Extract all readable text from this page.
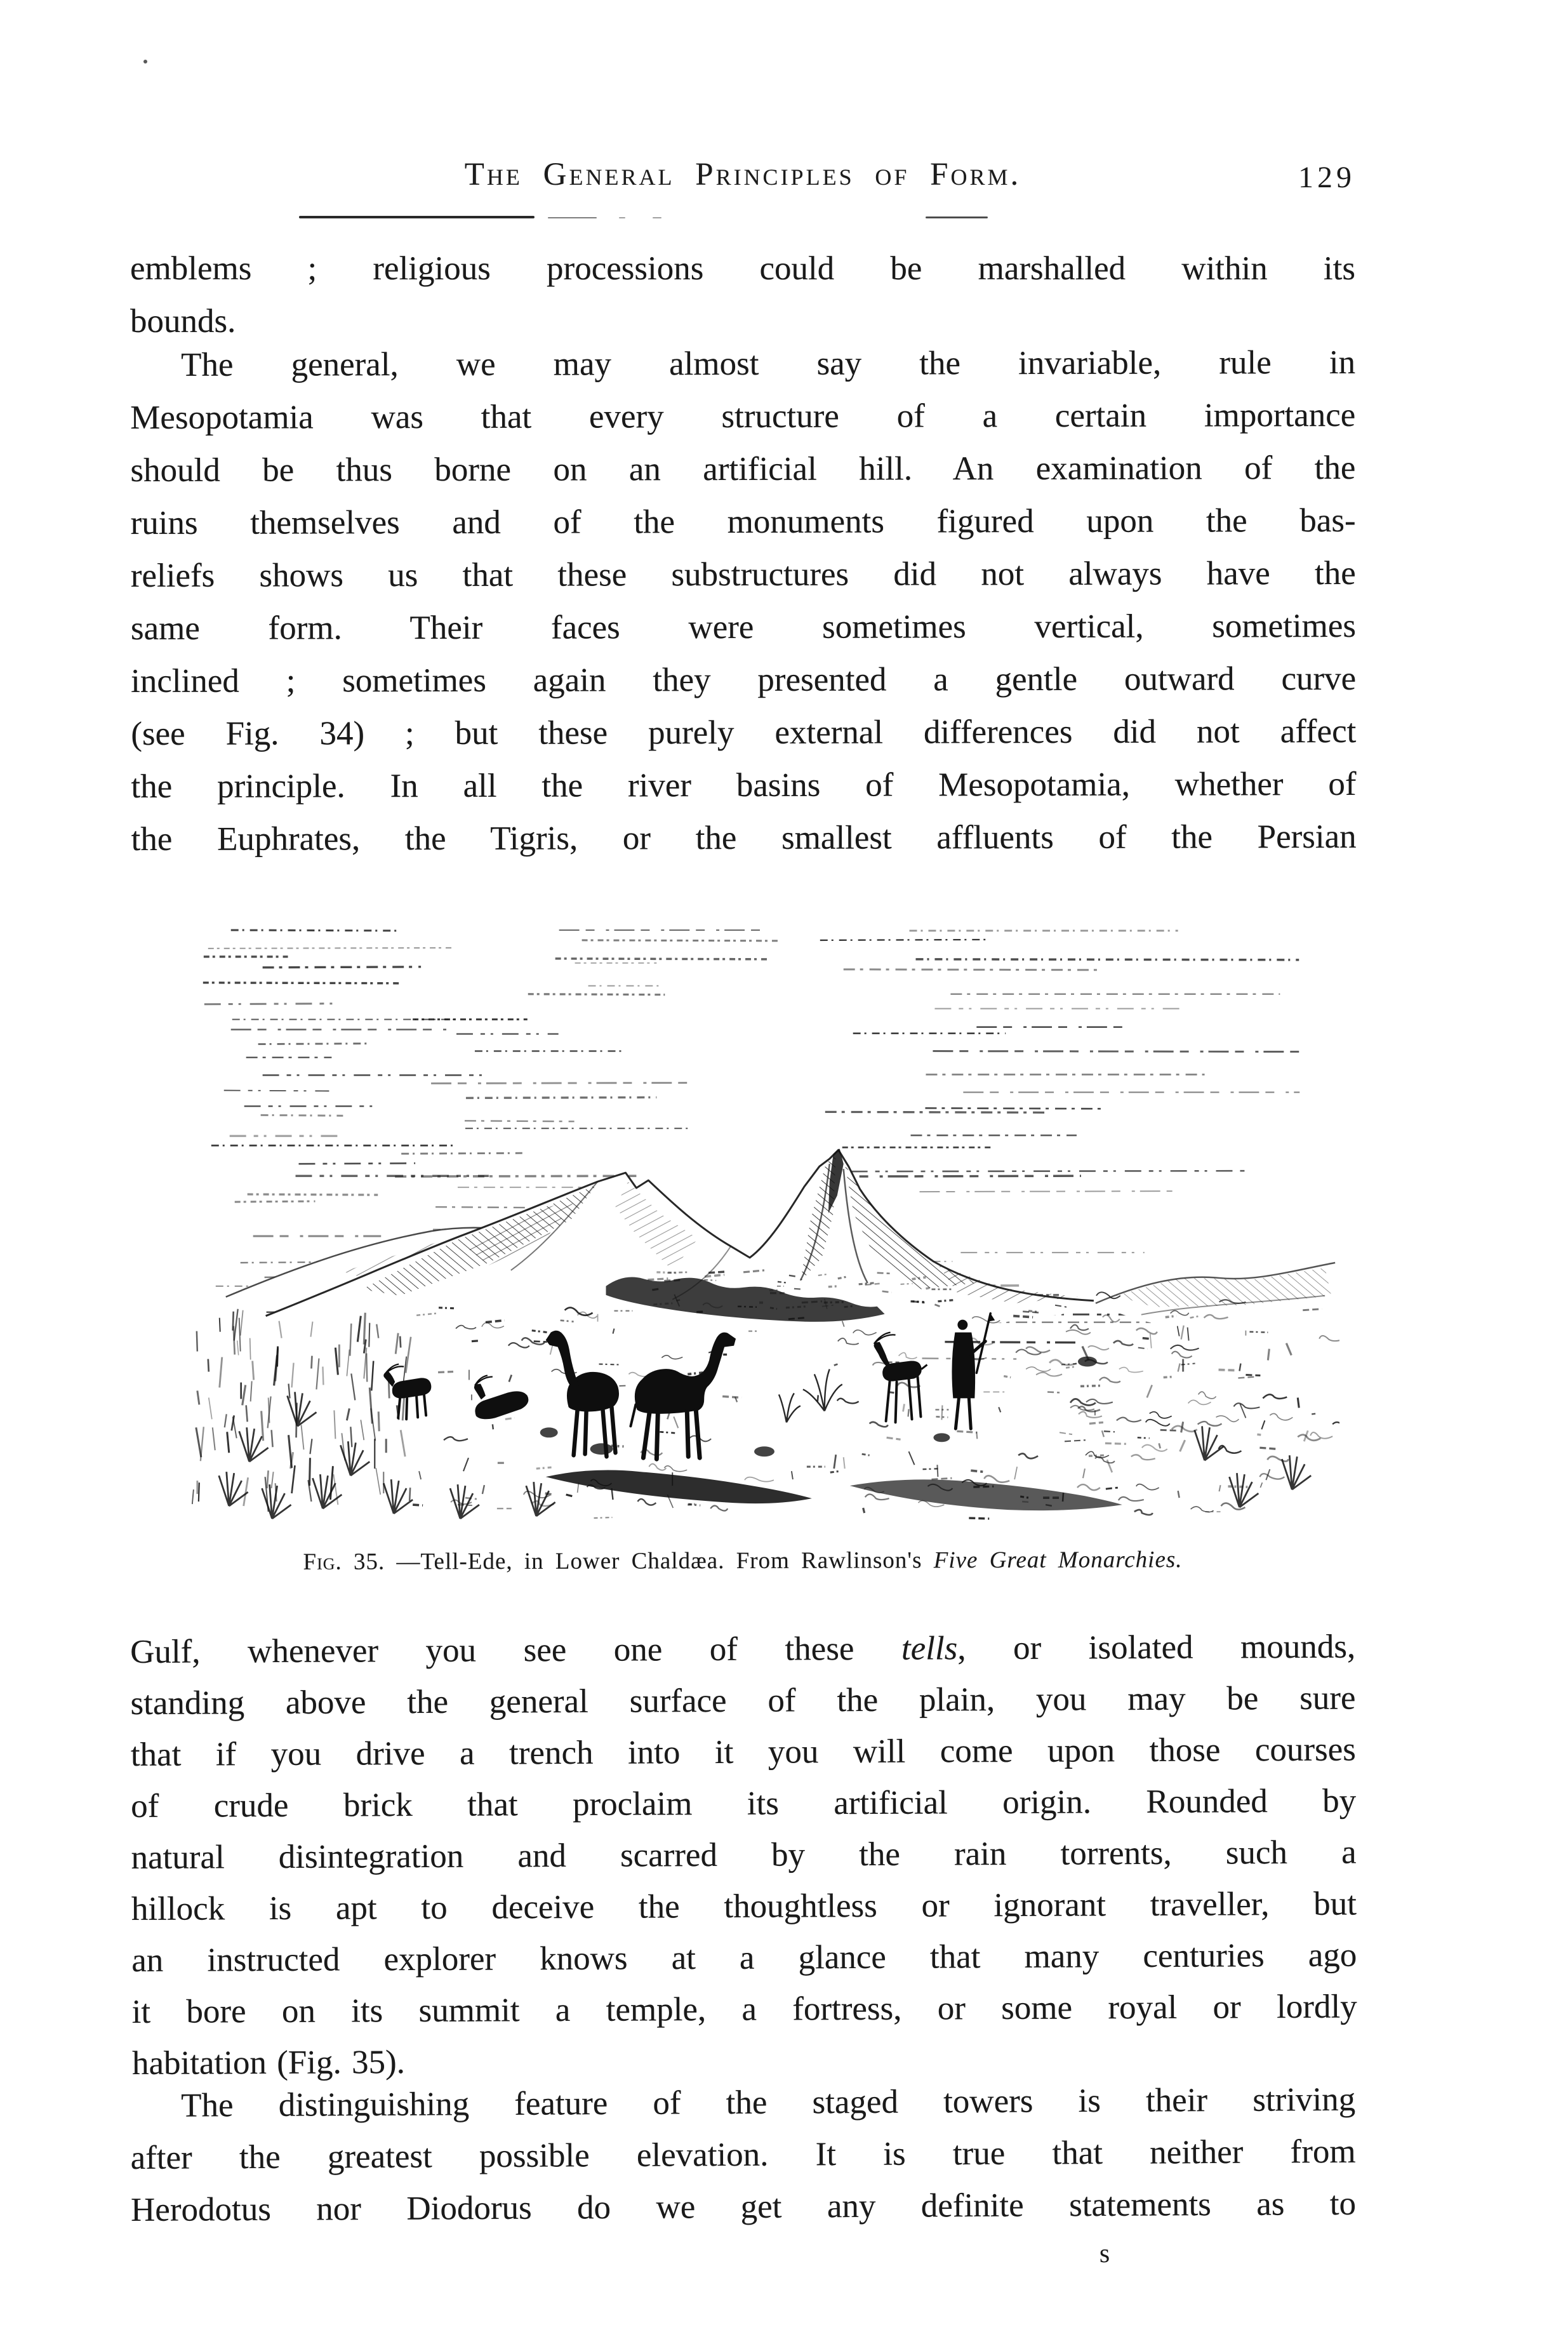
The General Principles of Form.	129
emblems ; religious processions could be marshalled within its
bounds.
The general, we may almost say the invariable, rule in
Mesopotamia was that every structure of a certain importance
should be thus borne on an artificial hill. An examination of the
ruins themselves and of the monuments figured upon the bas-
reliefs shows us that these substructures did not always have the
same form. Their faces were sometimes vertical, sometimes
inclined ; sometimes again they presented a gentle outward curve
(see Fig. 34) ; but these purely external differences did not affect
the principle. In all the river basins of Mesopotamia, whether of
the Euphrates, the Tigris, or the smallest affluents of the Persian
Fig. 35. —Tell-Ede, in Lower Chaldæa. From Rawlinson's Five Great Monarchies.
Gulf, whenever you see one of these tells, or isolated mounds,
standing above the general surface of the plain, you may be sure
that if you drive a trench into it you will come upon those courses
of crude brick that proclaim its artificial origin. Rounded by
natural disintegration and scarred by the rain torrents, such a
hillock is apt to deceive the thoughtless or ignorant traveller, but
an instructed explorer knows at a glance that many centuries ago
it bore on its summit a temple, a fortress, or some royal or lordly
habitation (Fig. 35).
The distinguishing feature of the staged towers is their striving
after the greatest possible elevation. It is true that neither from
Herodotus nor Diodorus do we get any definite statements as to
s
